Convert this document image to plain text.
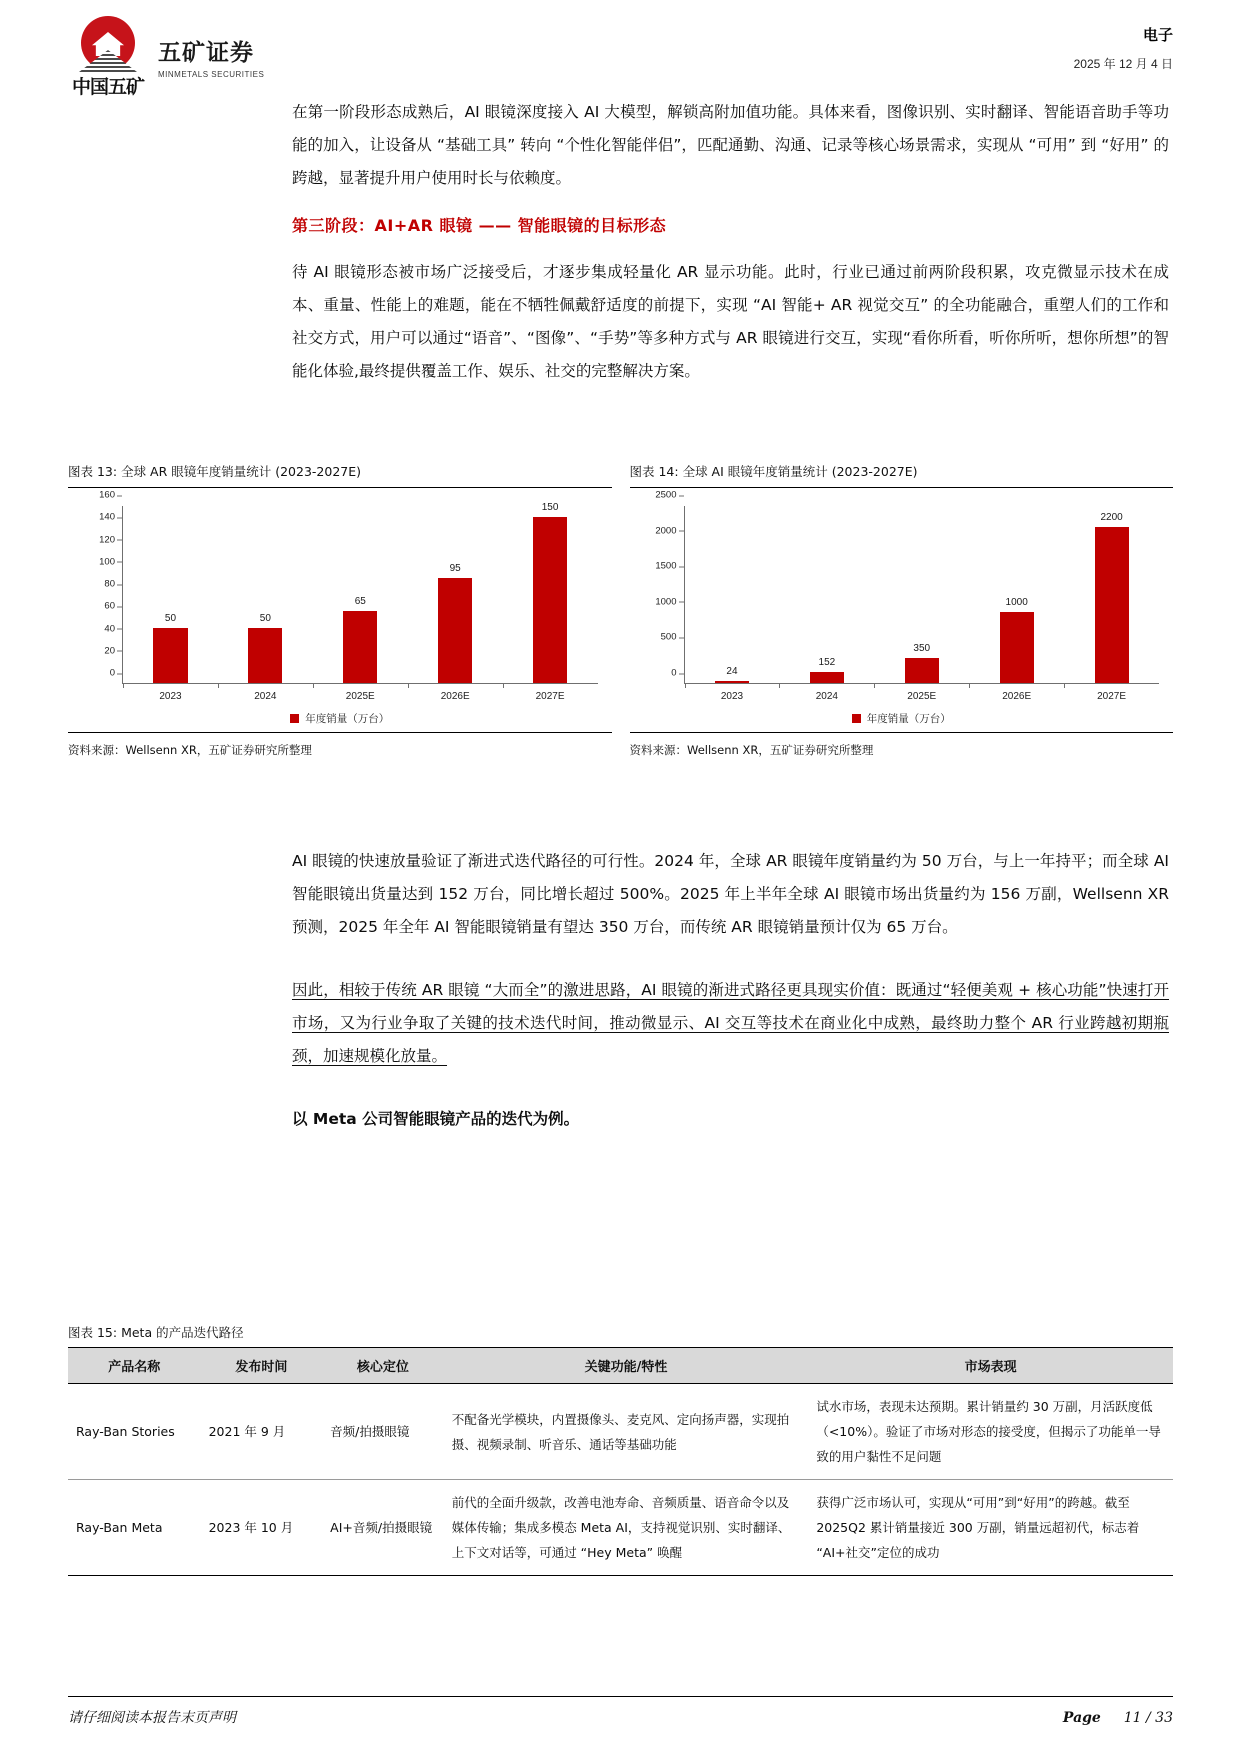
中国五矿
五矿证券
MINMETALS SECURITIES
电子
2025 年 12 月 4 日

在第一阶段形态成熟后，AI 眼镜深度接入 AI 大模型，解锁高附加值功能。具体来看，图像识别、实时翻译、智能语音助手等功能的加入，让设备从 “基础工具” 转向 “个性化智能伴侣”，匹配通勤、沟通、记录等核心场景需求，实现从 “可用” 到 “好用” 的跨越，显著提升用户使用时长与依赖度。

第三阶段：AI+AR 眼镜 —— 智能眼镜的目标形态

待 AI 眼镜形态被市场广泛接受后，才逐步集成轻量化 AR 显示功能。此时，行业已通过前两阶段积累，攻克微显示技术在成本、重量、性能上的难题，能在不牺牲佩戴舒适度的前提下，实现 “AI 智能+ AR 视觉交互” 的全功能融合，重塑人们的工作和社交方式，用户可以通过“语音”、“图像”、“手势”等多种方式与 AR 眼镜进行交互，实现“看你所看，听你所听，想你所想”的智能化体验,最终提供覆盖工作、娱乐、社交的完整解决方案。

图表 13: 全球 AR 眼镜年度销量统计 (2023-2027E)
160
140
120
100
80
60
40
20
0
50	50
65
95
150
2023	2024	2025E	2026E	2027E
年度销量（万台）
资料来源：Wellsenn XR，五矿证券研究所整理
图表 14: 全球 AI 眼镜年度销量统计 (2023-2027E)
2500
2000
1500
1000
500
0	24
152
350
1000
2200
2023	2024	2025E	2026E	2027E
年度销量（万台）
资料来源：Wellsenn XR，五矿证券研究所整理

AI 眼镜的快速放量验证了渐进式迭代路径的可行性。2024 年，全球 AR 眼镜年度销量约为 50 万台，与上一年持平；而全球 AI 智能眼镜出货量达到 152 万台，同比增长超过 500%。2025 年上半年全球 AI 眼镜市场出货量约为 156 万副，Wellsenn XR 预测，2025 年全年 AI 智能眼镜销量有望达 350 万台，而传统 AR 眼镜销量预计仅为 65 万台。

因此，相较于传统 AR 眼镜 “大而全”的激进思路，AI 眼镜的渐进式路径更具现实价值：既通过“轻便美观 + 核心功能”快速打开市场，又为行业争取了关键的技术迭代时间，推动微显示、AI 交互等技术在商业化中成熟，最终助力整个 AR 行业跨越初期瓶颈，加速规模化放量。

以 Meta 公司智能眼镜产品的迭代为例。

图表 15: Meta 的产品迭代路径
产品名称	发布时间	核心定位	关键功能/特性	市场表现
Ray-Ban Stories	2021 年 9 月	音频/拍摄眼镜	不配备光学模块，内置摄像头、麦克风、定向扬声器，实现拍摄、视频录制、听音乐、通话等基础功能	试水市场，表现未达预期。累计销量约 30 万副，月活跃度低（<10%）。验证了市场对形态的接受度，但揭示了功能单一导致的用户黏性不足问题
Ray-Ban Meta	2023 年 10 月	AI+音频/拍摄眼镜	前代的全面升级款，改善电池寿命、音频质量、语音命令以及媒体传输；集成多模态 Meta AI，支持视觉识别、实时翻译、上下文对话等，可通过 “Hey Meta” 唤醒	获得广泛市场认可，实现从“可用”到“好用”的跨越。截至 2025Q2 累计销量接近 300 万副，销量远超初代，标志着“AI+社交”定位的成功
请仔细阅读本报告末页声明	Page 11 / 33
